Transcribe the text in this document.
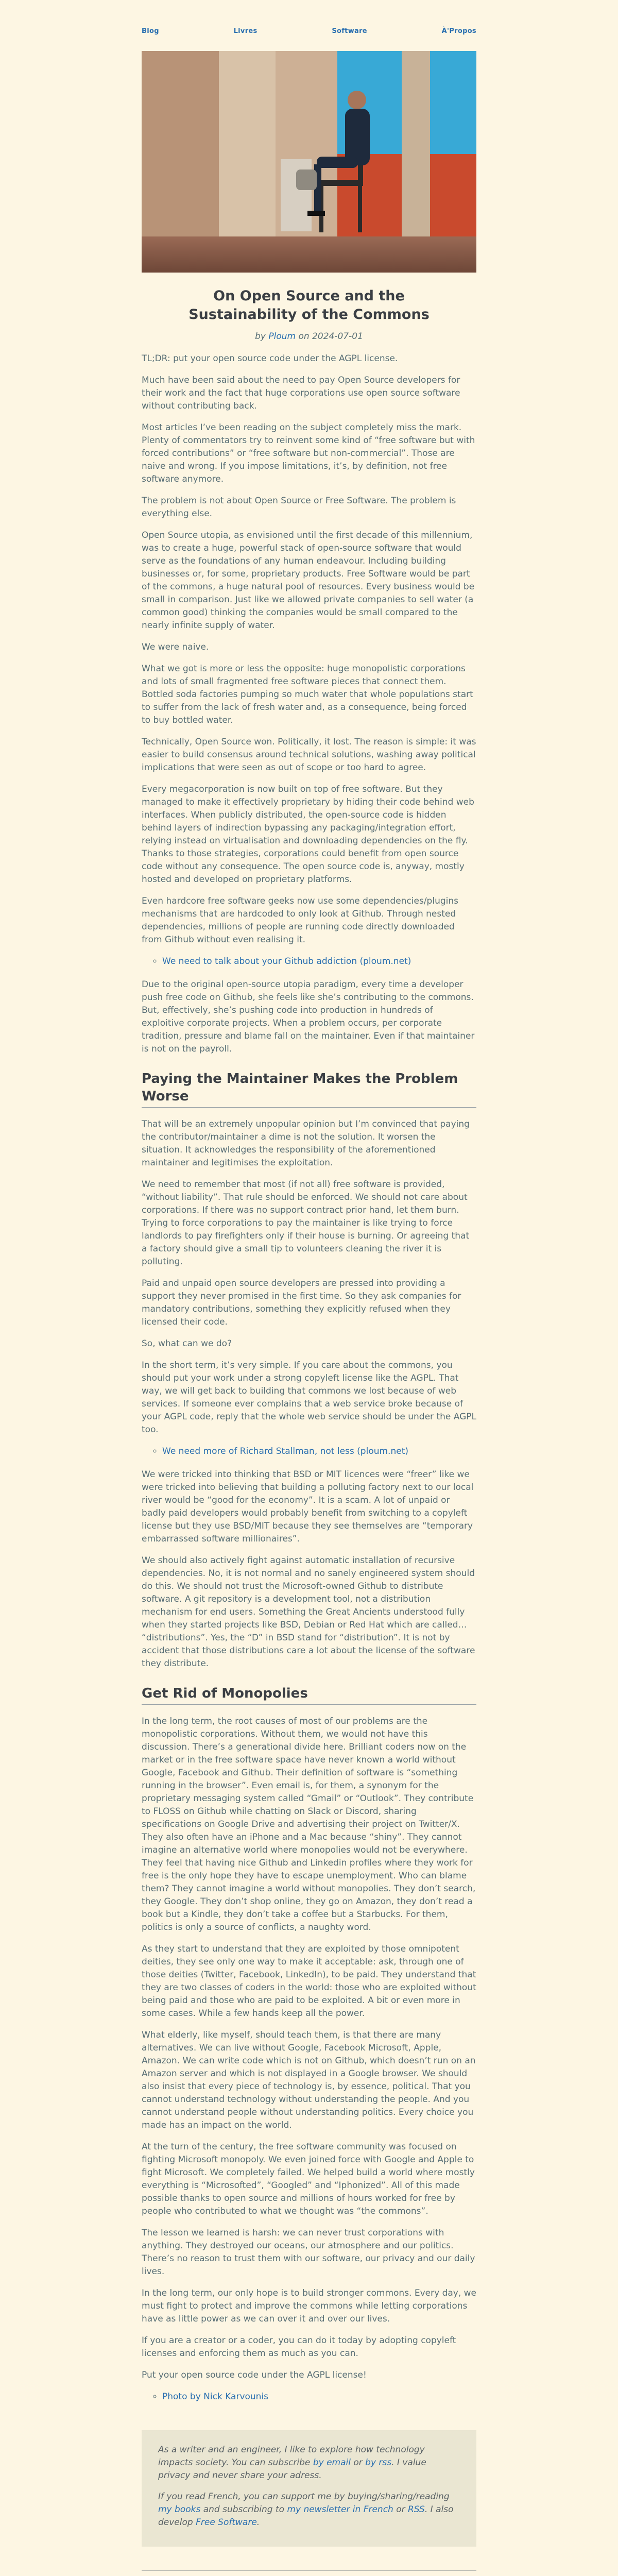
Blog	Livres	Software	À'Propos
On Open Source and the Sustainability of the Commons
by Ploum on 2024-07-01

TL;DR: put your open source code under the AGPL license.

Much have been said about the need to pay Open Source developers for their work and the fact that huge corporations use open source software without contributing back.

Most articles I’ve been reading on the subject completely miss the mark. Plenty of commentators try to reinvent some kind of “free software but with forced contributions” or “free software but non-commercial”. Those are naive and wrong. If you impose limitations, it’s, by definition, not free software anymore.

The problem is not about Open Source or Free Software. The problem is everything else.

Open Source utopia, as envisioned until the first decade of this millennium, was to create a huge, powerful stack of open-source software that would serve as the foundations of any human endeavour. Including building businesses or, for some, proprietary products. Free Software would be part of the commons, a huge natural pool of resources. Every business would be small in comparison. Just like we allowed private companies to sell water (a common good) thinking the companies would be small compared to the nearly infinite supply of water.

We were naive.

What we got is more or less the opposite: huge monopolistic corporations and lots of small fragmented free software pieces that connect them. Bottled soda factories pumping so much water that whole populations start to suffer from the lack of fresh water and, as a consequence, being forced to buy bottled water.

Technically, Open Source won. Politically, it lost. The reason is simple: it was easier to build consensus around technical solutions, washing away political implications that were seen as out of scope or too hard to agree.

Every megacorporation is now built on top of free software. But they managed to make it effectively proprietary by hiding their code behind web interfaces. When publicly distributed, the open-source code is hidden behind layers of indirection bypassing any packaging/integration effort, relying instead on virtualisation and downloading dependencies on the fly. Thanks to those strategies, corporations could benefit from open source code without any consequence. The open source code is, anyway, mostly hosted and developed on proprietary platforms.

Even hardcore free software geeks now use some dependencies/plugins mechanisms that are hardcoded to only look at Github. Through nested dependencies, millions of people are running code directly downloaded from Github without even realising it.

◦ We need to talk about your Github addiction (ploum.net)

Due to the original open-source utopia paradigm, every time a developer push free code on Github, she feels like she’s contributing to the commons. But, effectively, she’s pushing code into production in hundreds of exploitive corporate projects. When a problem occurs, per corporate tradition, pressure and blame fall on the maintainer. Even if that maintainer is not on the payroll.

Paying the Maintainer Makes the Problem Worse

That will be an extremely unpopular opinion but I’m convinced that paying the contributor/maintainer a dime is not the solution. It worsen the situation. It acknowledges the responsibility of the aforementioned maintainer and legitimises the exploitation.

We need to remember that most (if not all) free software is provided, “without liability”. That rule should be enforced. We should not care about corporations. If there was no support contract prior hand, let them burn. Trying to force corporations to pay the maintainer is like trying to force landlords to pay firefighters only if their house is burning. Or agreeing that a factory should give a small tip to volunteers cleaning the river it is polluting.

Paid and unpaid open source developers are pressed into providing a support they never promised in the first time. So they ask companies for mandatory contributions, something they explicitly refused when they licensed their code.

So, what can we do?

In the short term, it’s very simple. If you care about the commons, you should put your work under a strong copyleft license like the AGPL. That way, we will get back to building that commons we lost because of web services. If someone ever complains that a web service broke because of your AGPL code, reply that the whole web service should be under the AGPL too.

◦ We need more of Richard Stallman, not less (ploum.net)

We were tricked into thinking that BSD or MIT licences were “freer” like we were tricked into believing that building a polluting factory next to our local river would be “good for the economy”. It is a scam. A lot of unpaid or badly paid developers would probably benefit from switching to a copyleft license but they use BSD/MIT because they see themselves are “temporary embarrassed software millionaires”.

We should also actively fight against automatic installation of recursive dependencies. No, it is not normal and no sanely engineered system should do this. We should not trust the Microsoft-owned Github to distribute software. A git repository is a development tool, not a distribution mechanism for end users. Something the Great Ancients understood fully when they started projects like BSD, Debian or Red Hat which are called… “distributions”. Yes, the “D” in BSD stand for “distribution”. It is not by accident that those distributions care a lot about the license of the software they distribute.

Get Rid of Monopolies

In the long term, the root causes of most of our problems are the monopolistic corporations. Without them, we would not have this discussion. There’s a generational divide here. Brilliant coders now on the market or in the free software space have never known a world without Google, Facebook and Github. Their definition of software is “something running in the browser”. Even email is, for them, a synonym for the proprietary messaging system called “Gmail” or “Outlook”. They contribute to FLOSS on Github while chatting on Slack or Discord, sharing specifications on Google Drive and advertising their project on Twitter/X. They also often have an iPhone and a Mac because “shiny”. They cannot imagine an alternative world where monopolies would not be everywhere. They feel that having nice Github and Linkedin profiles where they work for free is the only hope they have to escape unemployment. Who can blame them? They cannot imagine a world without monopolies. They don’t search, they Google. They don’t shop online, they go on Amazon, they don’t read a book but a Kindle, they don’t take a coffee but a Starbucks. For them, politics is only a source of conflicts, a naughty word.

As they start to understand that they are exploited by those omnipotent deities, they see only one way to make it acceptable: ask, through one of those deities (Twitter, Facebook, LinkedIn), to be paid. They understand that they are two classes of coders in the world: those who are exploited without being paid and those who are paid to be exploited. A bit or even more in some cases. While a few hands keep all the power.

What elderly, like myself, should teach them, is that there are many alternatives. We can live without Google, Facebook Microsoft, Apple, Amazon. We can write code which is not on Github, which doesn’t run on an Amazon server and which is not displayed in a Google browser. We should also insist that every piece of technology is, by essence, political. That you cannot understand technology without understanding the people. And you cannot understand people without understanding politics. Every choice you made has an impact on the world.

At the turn of the century, the free software community was focused on fighting Microsoft monopoly. We even joined force with Google and Apple to fight Microsoft. We completely failed. We helped build a world where mostly everything is “Microsofted”, “Googled” and “Iphonized”. All of this made possible thanks to open source and millions of hours worked for free by people who contributed to what we thought was “the commons”.

The lesson we learned is harsh: we can never trust corporations with anything. They destroyed our oceans, our atmosphere and our politics. There’s no reason to trust them with our software, our privacy and our daily lives.

In the long term, our only hope is to build stronger commons. Every day, we must fight to protect and improve the commons while letting corporations have as little power as we can over it and over our lives.

If you are a creator or a coder, you can do it today by adopting copyleft licenses and enforcing them as much as you can.

Put your open source code under the AGPL license!

◦ Photo by Nick Karvounis

As a writer and an engineer, I like to explore how technology impacts society. You can subscribe by email or by rss. I value privacy and never share your adress.

If you read French, you can support me by buying/sharing/reading my books and subscribing to my newsletter in French or RSS. I also develop Free Software.
